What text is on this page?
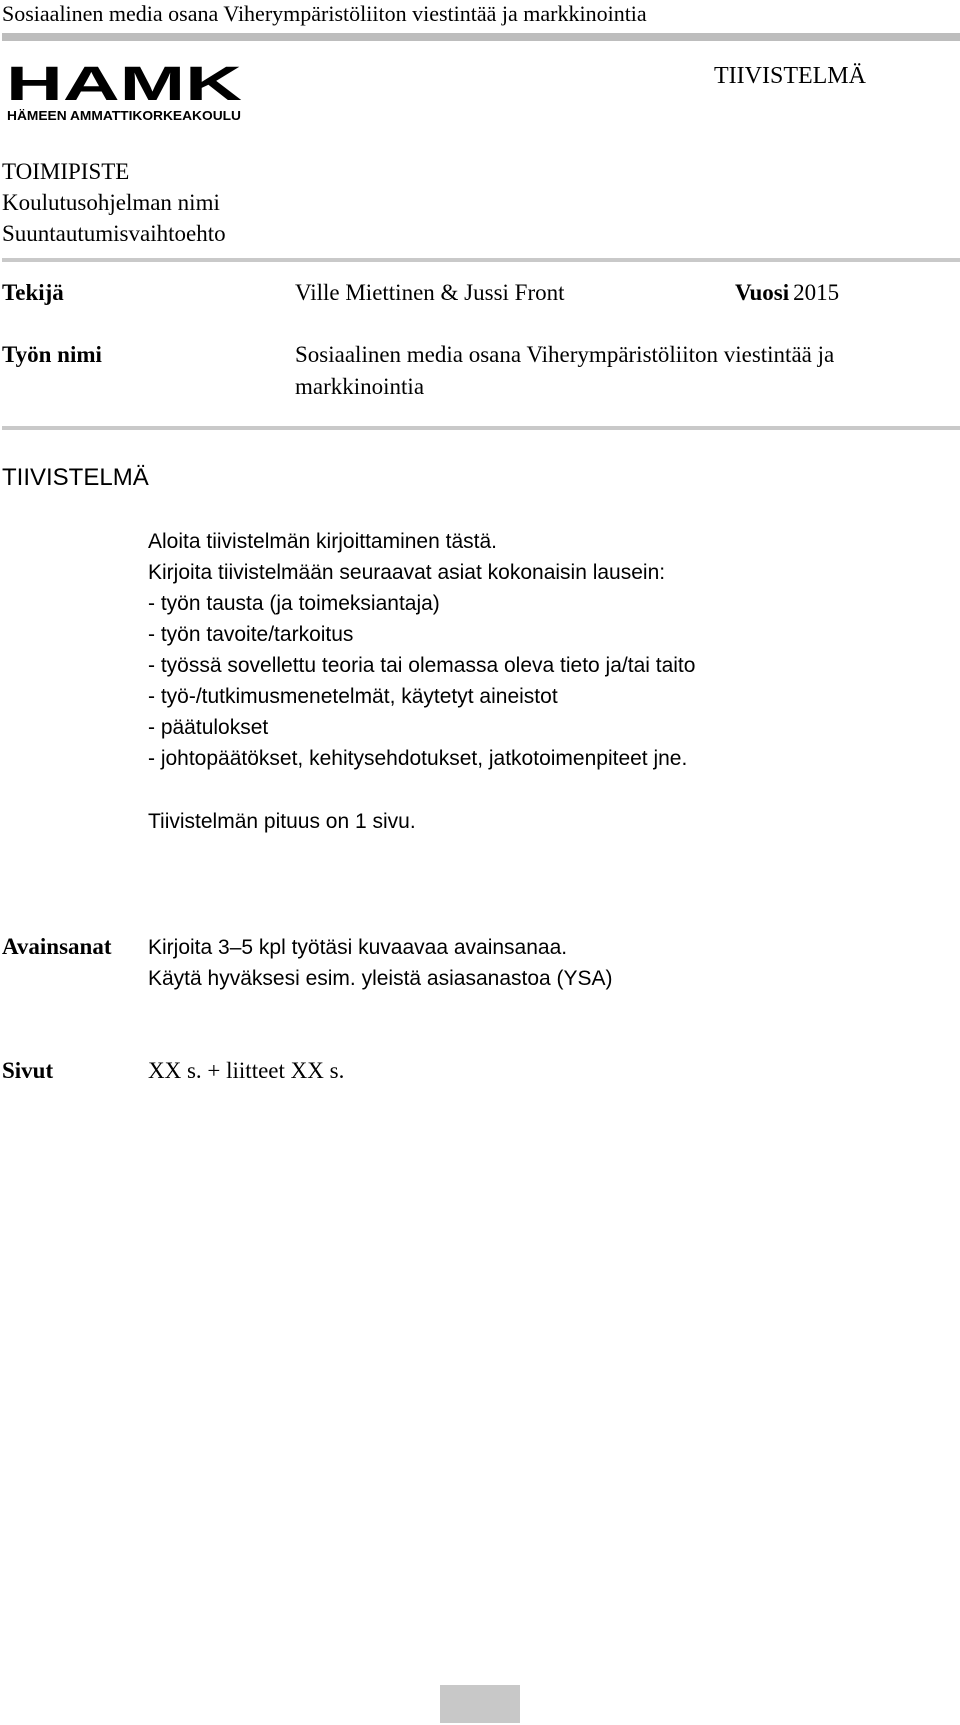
Sosiaalinen media osana Viherympäristöliiton viestintää ja markkinointia
HAMK
HÄMEEN AMMATTIKORKEAKOULU
TIIVISTELMÄ
TOIMIPISTE
Koulutusohjelman nimi
Suuntautumisvaihtoehto
Tekijä	Ville Miettinen & Jussi Front	Vuosi 2015
Työn nimi	Sosiaalinen media osana Viherympäristöliiton viestintää ja
markkinointia
TIIVISTELMÄ
Aloita tiivistelmän kirjoittaminen tästä.
Kirjoita tiivistelmään seuraavat asiat kokonaisin lausein:
- työn tausta (ja toimeksiantaja)
- työn tavoite/tarkoitus
- työssä sovellettu teoria tai olemassa oleva tieto ja/tai taito
- työ-/tutkimusmenetelmät, käytetyt aineistot
- päätulokset
- johtopäätökset, kehitysehdotukset, jatkotoimenpiteet jne.
Tiivistelmän pituus on 1 sivu.
Avainsanat Kirjoita 3–5 kpl työtäsi kuvaavaa avainsanaa.
Käytä hyväksesi esim. yleistä asiasanastoa (YSA)
Sivut	XX s. + liitteet XX s.
